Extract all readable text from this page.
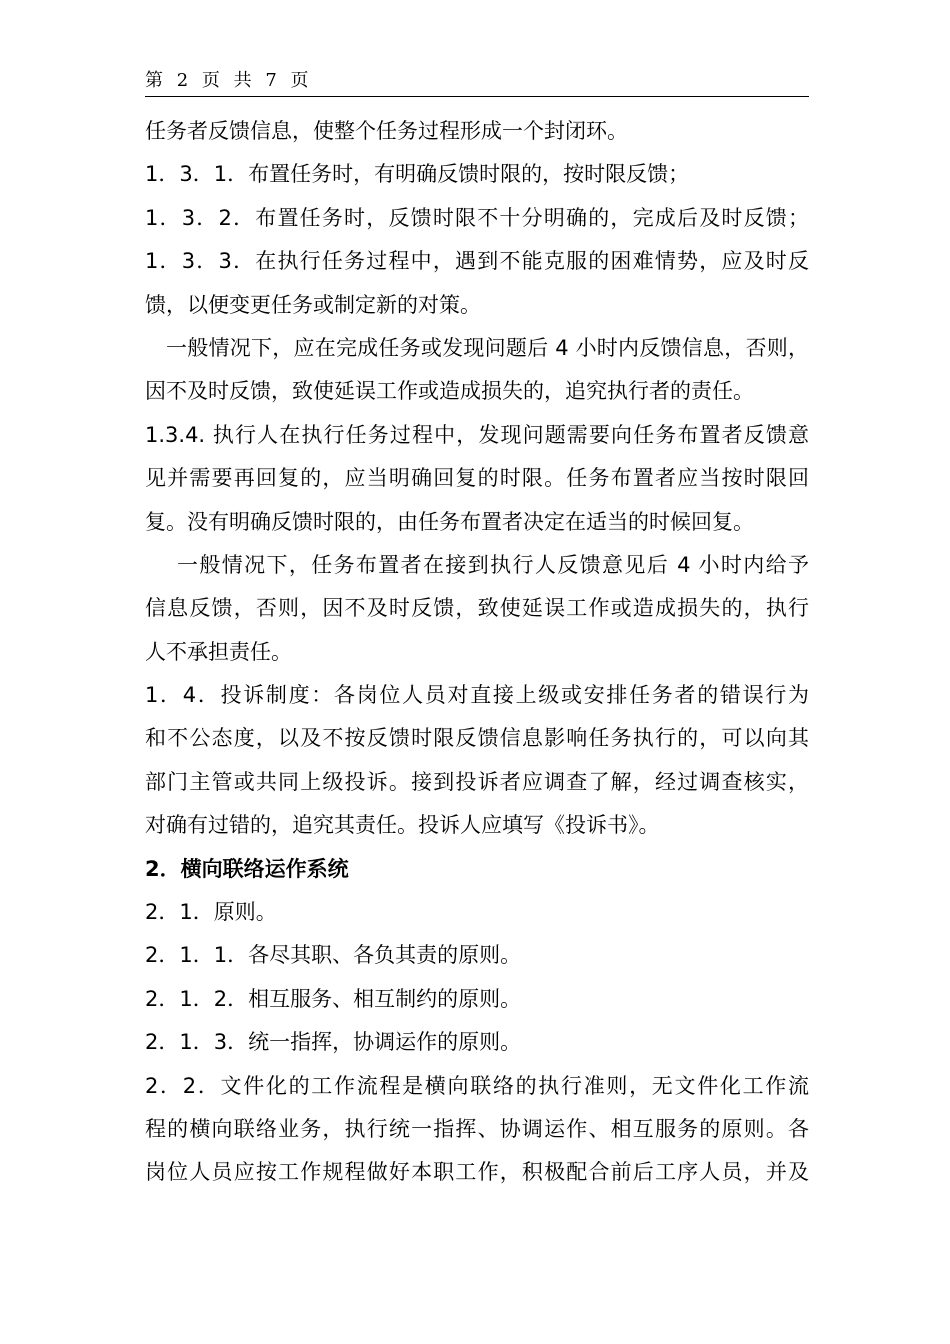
第 2 页 共 7 页
任务者反馈信息，使整个任务过程形成一个封闭环。
1．3．1．布置任务时，有明确反馈时限的，按时限反馈；
1．3．2．布置任务时，反馈时限不十分明确的，完成后及时反馈；
1．3．3．在执行任务过程中，遇到不能克服的困难情势，应及时反
馈，以便变更任务或制定新的对策。
一般情况下，应在完成任务或发现问题后 4 小时内反馈信息，否则，
因不及时反馈，致使延误工作或造成损失的，追究执行者的责任。
1.3.4. 执行人在执行任务过程中，发现问题需要向任务布置者反馈意
见并需要再回复的，应当明确回复的时限。任务布置者应当按时限回
复。没有明确反馈时限的，由任务布置者决定在适当的时候回复。
一般情况下，任务布置者在接到执行人反馈意见后 4 小时内给予
信息反馈，否则，因不及时反馈，致使延误工作或造成损失的，执行
人不承担责任。
1．4．投诉制度：各岗位人员对直接上级或安排任务者的错误行为
和不公态度，以及不按反馈时限反馈信息影响任务执行的，可以向其
部门主管或共同上级投诉。接到投诉者应调查了解，经过调查核实，
对确有过错的，追究其责任。投诉人应填写《投诉书》。
2．横向联络运作系统
2．1．原则。
2．1．1．各尽其职、各负其责的原则。
2．1．2．相互服务、相互制约的原则。
2．1．3．统一指挥，协调运作的原则。
2．2．文件化的工作流程是横向联络的执行准则，无文件化工作流
程的横向联络业务，执行统一指挥、协调运作、相互服务的原则。各
岗位人员应按工作规程做好本职工作，积极配合前后工序人员，并及
